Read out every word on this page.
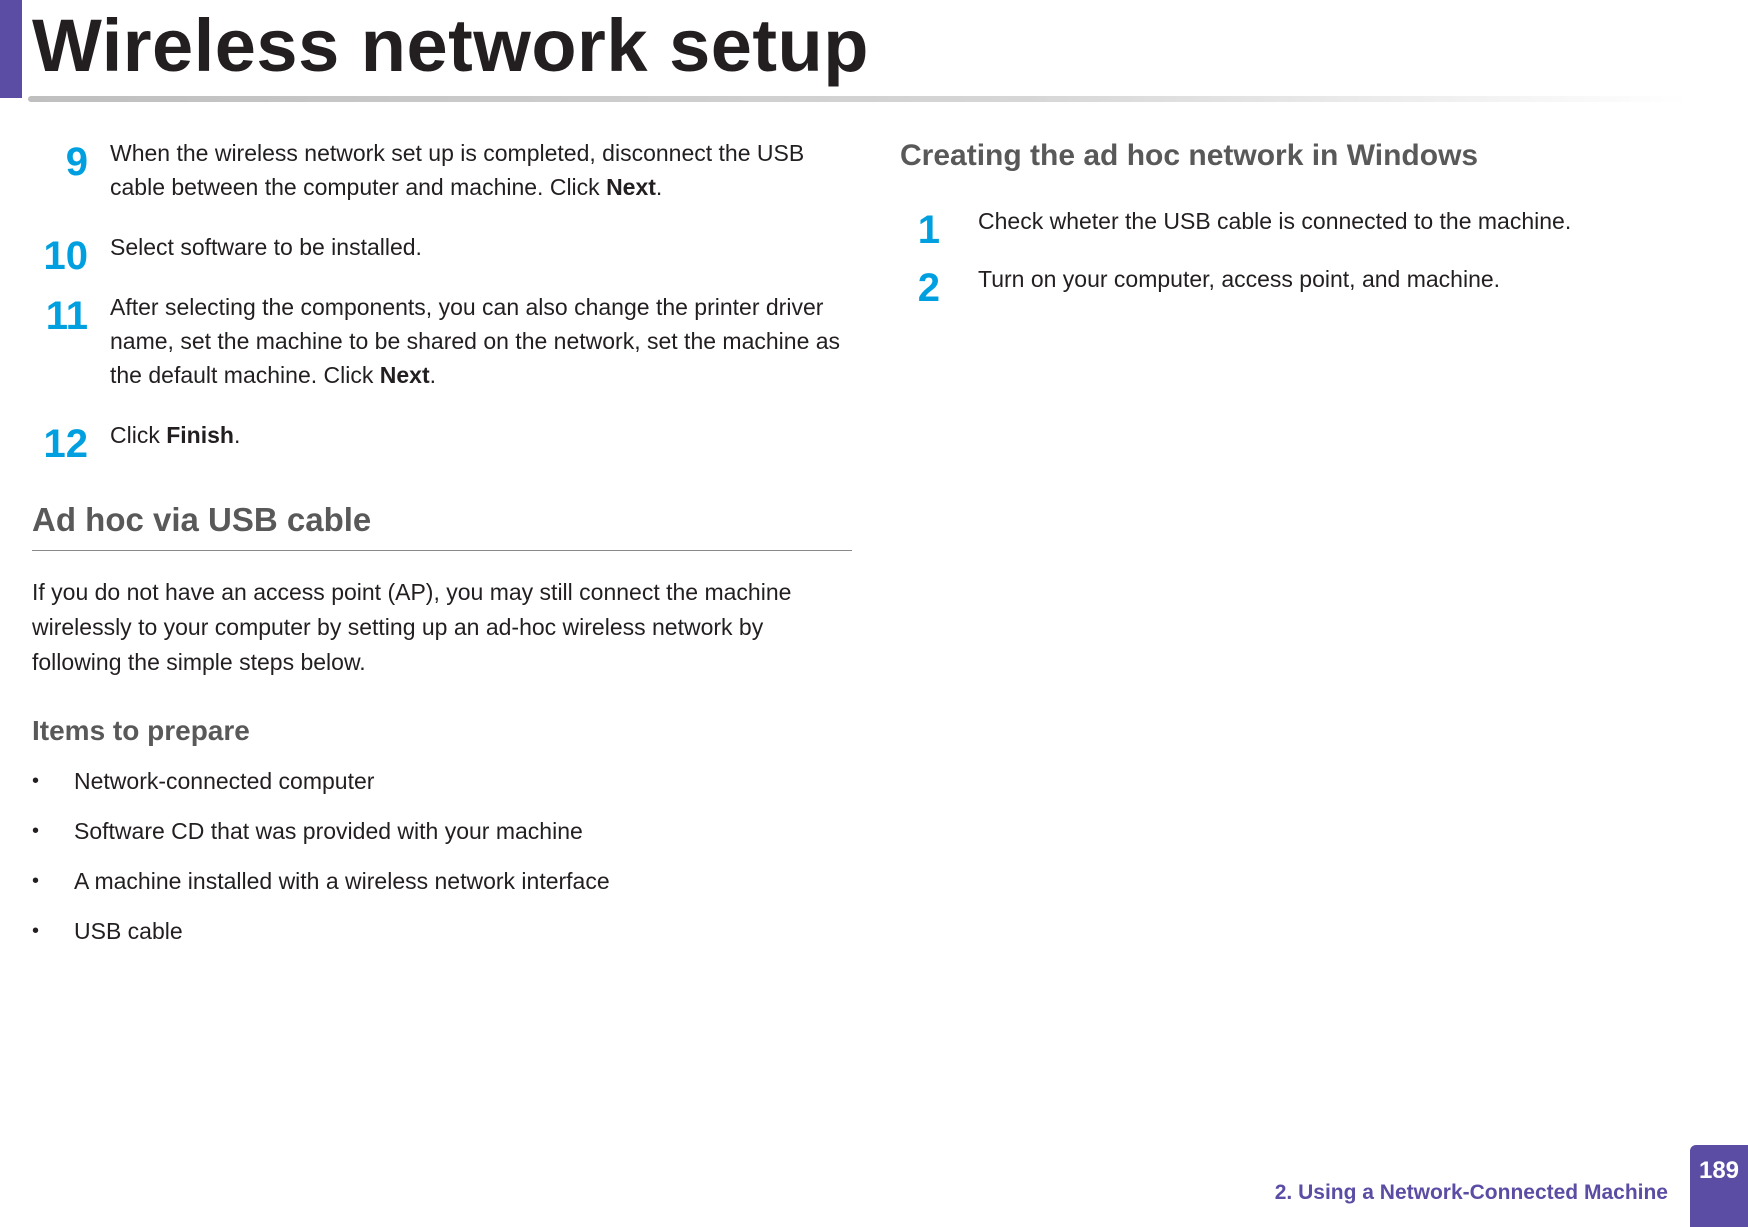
Wireless network setup
9 When the wireless network set up is completed, disconnect the USB cable between the computer and machine. Click Next.
10 Select software to be installed.
11 After selecting the components, you can also change the printer driver name, set the machine to be shared on the network, set the machine as the default machine. Click Next.
12 Click Finish.
Ad hoc via USB cable

If you do not have an access point (AP), you may still connect the machine wirelessly to your computer by setting up an ad-hoc wireless network by following the simple steps below.

Items to prepare
• Network-connected computer
• Software CD that was provided with your machine
• A machine installed with a wireless network interface
• USB cable
Creating the ad hoc network in Windows
1 Check wheter the USB cable is connected to the machine.
2 Turn on your computer, access point, and machine.
2. Using a Network-Connected Machine
189
